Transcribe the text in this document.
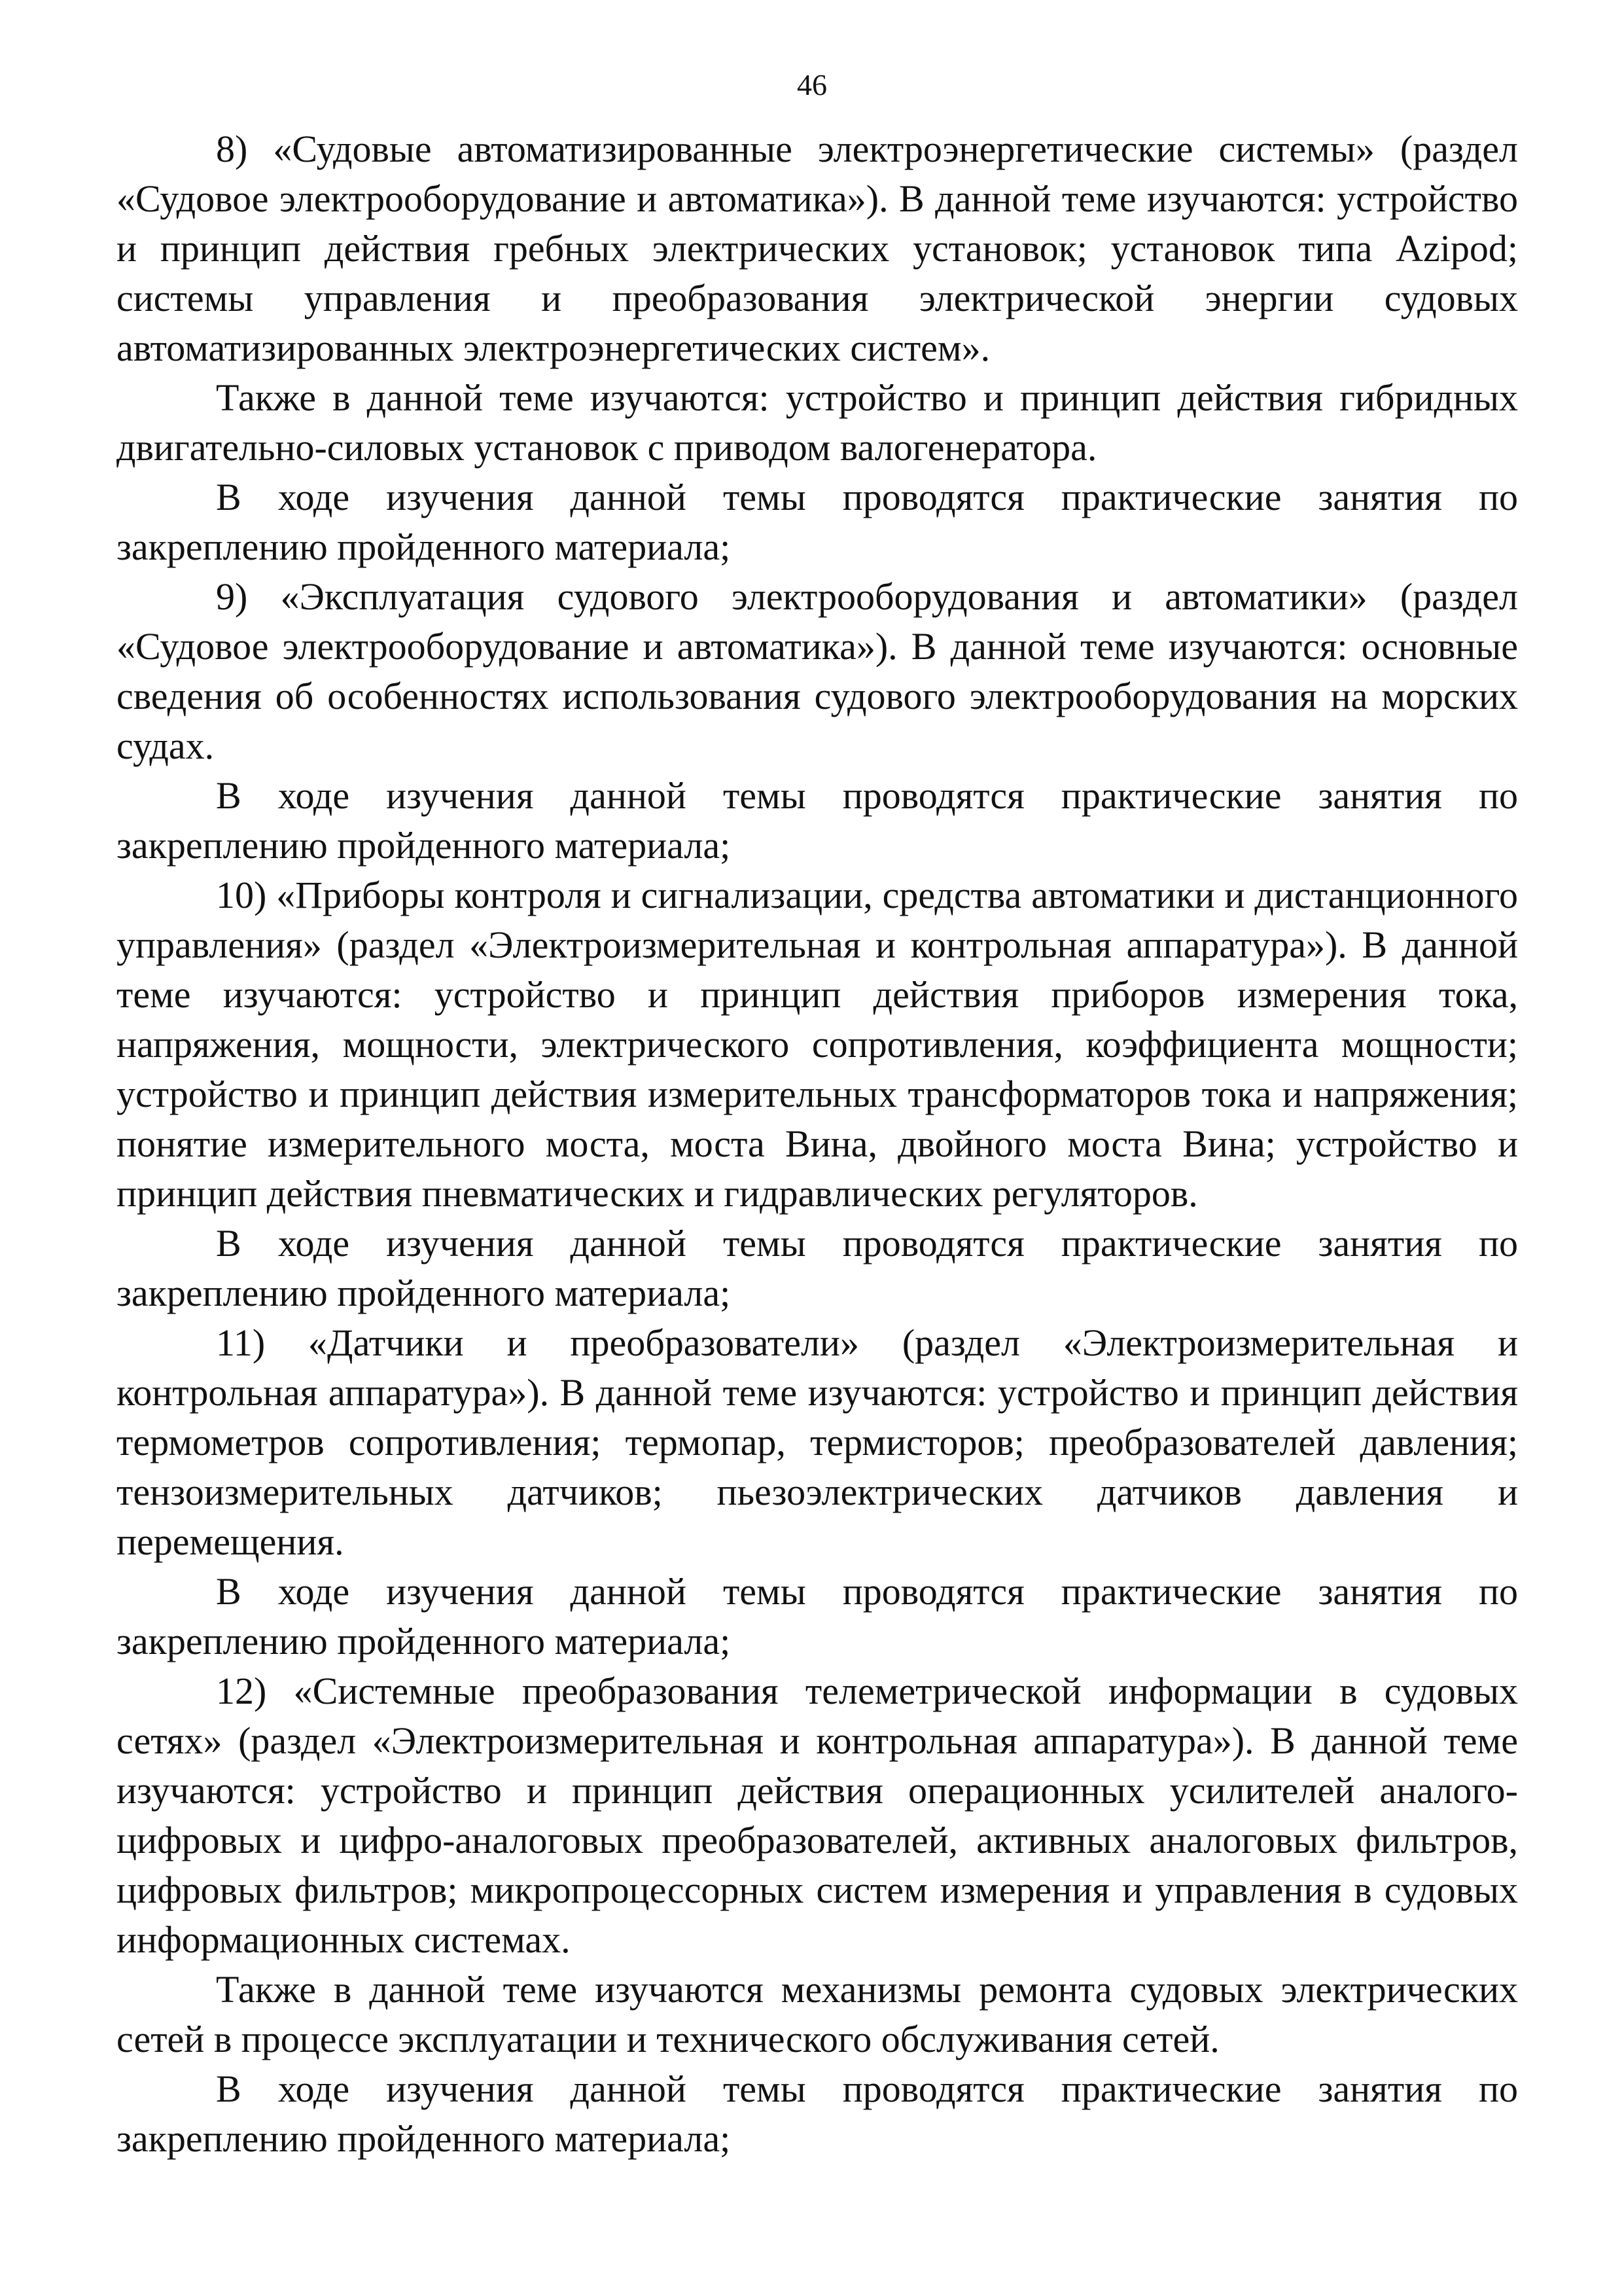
46

8) «Судовые автоматизированные электроэнергетические системы» (раздел «Судовое электрооборудование и автоматика»). В данной теме изучаются: устройство и принцип действия гребных электрических установок; установок типа Azipod; системы управления и преобразования электрической энергии судовых автоматизированных электроэнергетических систем».

Также в данной теме изучаются: устройство и принцип действия гибридных двигательно-силовых установок с приводом валогенератора.

В ходе изучения данной темы проводятся практические занятия по закреплению пройденного материала;

9) «Эксплуатация судового электрооборудования и автоматики» (раздел «Судовое электрооборудование и автоматика»). В данной теме изучаются: основные сведения об особенностях использования судового электрооборудования на морских судах.

В ходе изучения данной темы проводятся практические занятия по закреплению пройденного материала;

10) «Приборы контроля и сигнализации, средства автоматики и дистанционного управления» (раздел «Электроизмерительная и контрольная аппаратура»). В данной теме изучаются: устройство и принцип действия приборов измерения тока, напряжения, мощности, электрического сопротивления, коэффициента мощности; устройство и принцип действия измерительных трансформаторов тока и напряжения; понятие измерительного моста, моста Вина, двойного моста Вина; устройство и принцип действия пневматических и гидравлических регуляторов.

В ходе изучения данной темы проводятся практические занятия по закреплению пройденного материала;

11) «Датчики и преобразователи» (раздел «Электроизмерительная и контрольная аппаратура»). В данной теме изучаются: устройство и принцип действия термометров сопротивления; термопар, термисторов; преобразователей давления; тензоизмерительных датчиков; пьезоэлектрических датчиков давления и перемещения.

В ходе изучения данной темы проводятся практические занятия по закреплению пройденного материала;

12) «Системные преобразования телеметрической информации в судовых сетях» (раздел «Электроизмерительная и контрольная аппаратура»). В данной теме изучаются: устройство и принцип действия операционных усилителей аналого-цифровых и цифро-аналоговых преобразователей, активных аналоговых фильтров, цифровых фильтров; микропроцессорных систем измерения и управления в судовых информационных системах.

Также в данной теме изучаются механизмы ремонта судовых электрических сетей в процессе эксплуатации и технического обслуживания сетей.

В ходе изучения данной темы проводятся практические занятия по закреплению пройденного материала;
